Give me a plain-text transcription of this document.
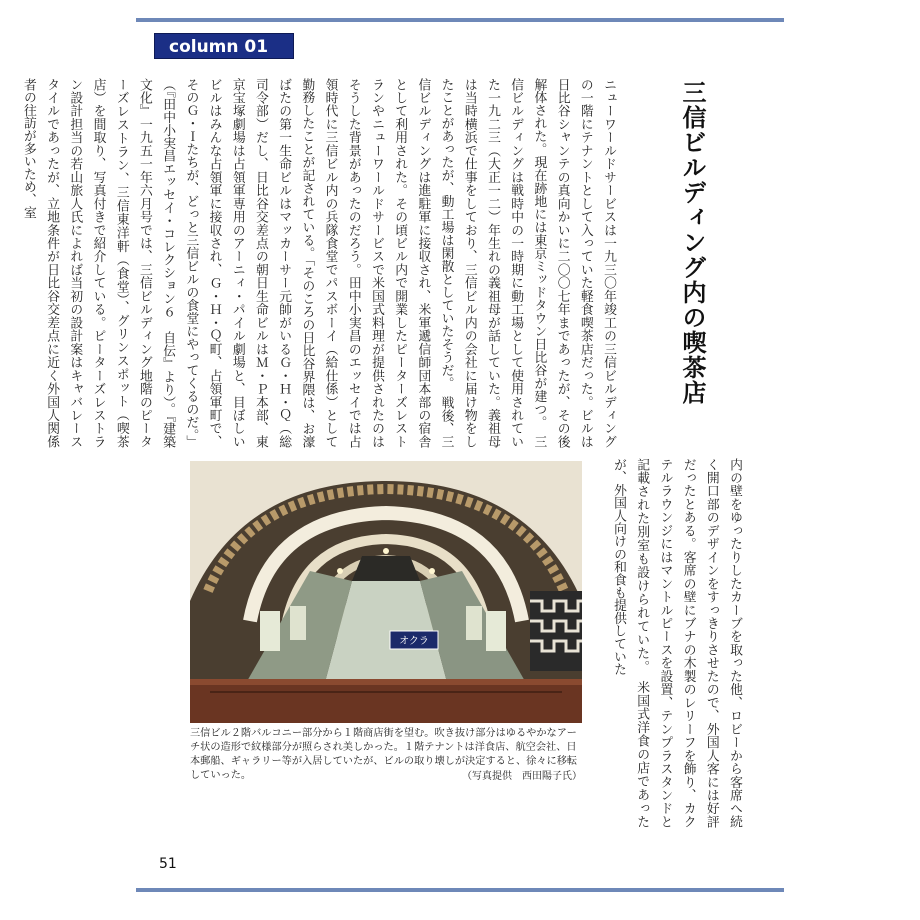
column 01
三信ビルディング内の喫茶店
ニューワールドサービスは一九三〇年竣工の三信ビルディングの一階にテナントとして入っていた軽食喫茶店だった。ビルは日比谷シャンテの真向かいに二〇〇七年まであったが、その後解体された。現在跡地には東京ミッドタウン日比谷が建つ。　三信ビルディングは戦時中の一時期に動工場として使用されていた一九二三（大正一二）年生れの義祖母が話していた。義祖母は当時横浜で仕事をしており、三信ビル内の会社に届け物をしたことがあったが、動工場は閑散としていたそうだ。　戦後、三信ビルディングは進駐軍に接収され、米軍遞信師団本部の宿舎として利用された。その頃ビル内で開業したピーターズレストランやニューワールドサービスで米国式料理が提供されたのはそうした背景があったのだろう。田中小実昌のエッセイでは占領時代に三信ビル内の兵隊食堂でパスボーイ（給仕係）として勤務したことが記されている。「そのころの日比谷界隈は、お濠ばたの第一生命ビルはマッカーサー元帥がいるＧ・Ｈ・Ｑ（総司令部）だし、日比谷交差点の朝日生命ビルはＭ・Ｐ本部、東京宝塚劇場は占領軍専用のアーニィ・パイル劇場と、目ぼしいビルはみんな占領軍に接収され、Ｇ・Ｈ・Ｑ町、占領軍町で、そのＧ・Ｉたちが、どっと三信ビルの食堂にやってくるのだ。」（『田中小実昌エッセイ・コレクション６　自伝』より）。『建築文化』一九五一年六月号では、三信ビルディング地階のピーターズレストラン、三信東洋軒（食堂）、グリンスポット（喫茶店）を間取り、写真付きで紹介している。ピーターズレストラン設計担当の若山旅人氏によれば当初の設計案はキャバレースタイルであったが、立地条件が日比谷交差点に近く外国人関係者の往訪が多いため、室
内の壁をゆったりしたカーブを取った他、ロビーから客席へ続く開口部のデザインをすっきりさせたので、外国人客には好評だったとある。客席の壁にブナの木製のレリーフを飾り、カクテルラウンジにはマントルピースを設置、テンプラスタンドと記載された別室も設けられていた。　米国式洋食の店であったが、外国人向けの和食も提供していた
オクラ
三信ビル２階バルコニー部分から１階商店街を望む。吹き抜け部分はゆるやかなアーチ状の造形で紋様部分が照らされ美しかった。１階テナントは洋食店、航空会社、日本郵船、ギャラリー等が入居していたが、ビルの取り壊しが決定すると、徐々に移転していった。	（写真提供　西田陽子氏）
51
